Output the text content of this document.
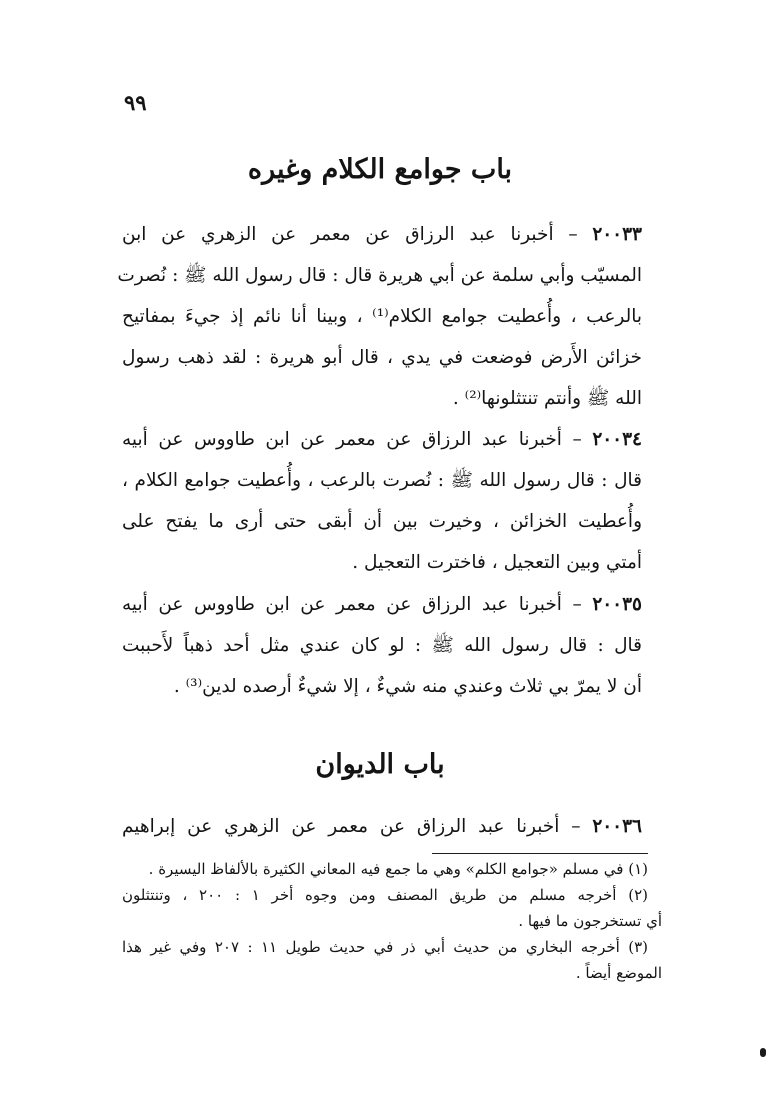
٩٩
باب جوامع الكلام وغيره

٢٠٠٣٣ – أخبرنا عبد الرزاق عن معمر عن الزهري عن ابن
المسيّب وأبي سلمة عن أبي هريرة قال : قال رسول الله ﷺ : نُصرت
بالرعب ، وأُعطيت جوامع الكلام⁽¹⁾ ، وبينا أنا نائم إذ جيءَ بمفاتيح
خزائن الأَرض فوضعت في يدي ، قال أبو هريرة : لقد ذهب رسول
الله ﷺ وأنتم تنتثلونها⁽²⁾ .

٢٠٠٣٤ – أخبرنا عبد الرزاق عن معمر عن ابن طاووس عن أبيه
قال : قال رسول الله ﷺ : نُصرت بالرعب ، وأُعطيت جوامع الكلام ،
وأُعطيت الخزائن ، وخيرت بين أن أبقى حتى أرى ما يفتح على
أمتي وبين التعجيل ، فاخترت التعجيل .

٢٠٠٣٥ – أخبرنا عبد الرزاق عن معمر عن ابن طاووس عن أبيه
قال : قال رسول الله ﷺ : لو كان عندي مثل أحد ذهباً لأَحببت
أن لا يمرّ بي ثلاث وعندي منه شيءٌ ، إلا شيءٌ أرصده لدين⁽³⁾ .

باب الديوان

٢٠٠٣٦ – أخبرنا عبد الرزاق عن معمر عن الزهري عن إبراهيم

(١) في مسلم «جوامع الكلم» وهي ما جمع فيه المعاني الكثيرة بالألفاظ اليسيرة .
(٢) أخرجه مسلم من طريق المصنف ومن وجوه أخر ١ : ٢٠٠ ، وتنتثلون
أي تستخرجون ما فيها .
(٣) أخرجه البخاري من حديث أبي ذر في حديث طويل ١١ : ٢٠٧ وفي غير هذا
الموضع أيضاً .
